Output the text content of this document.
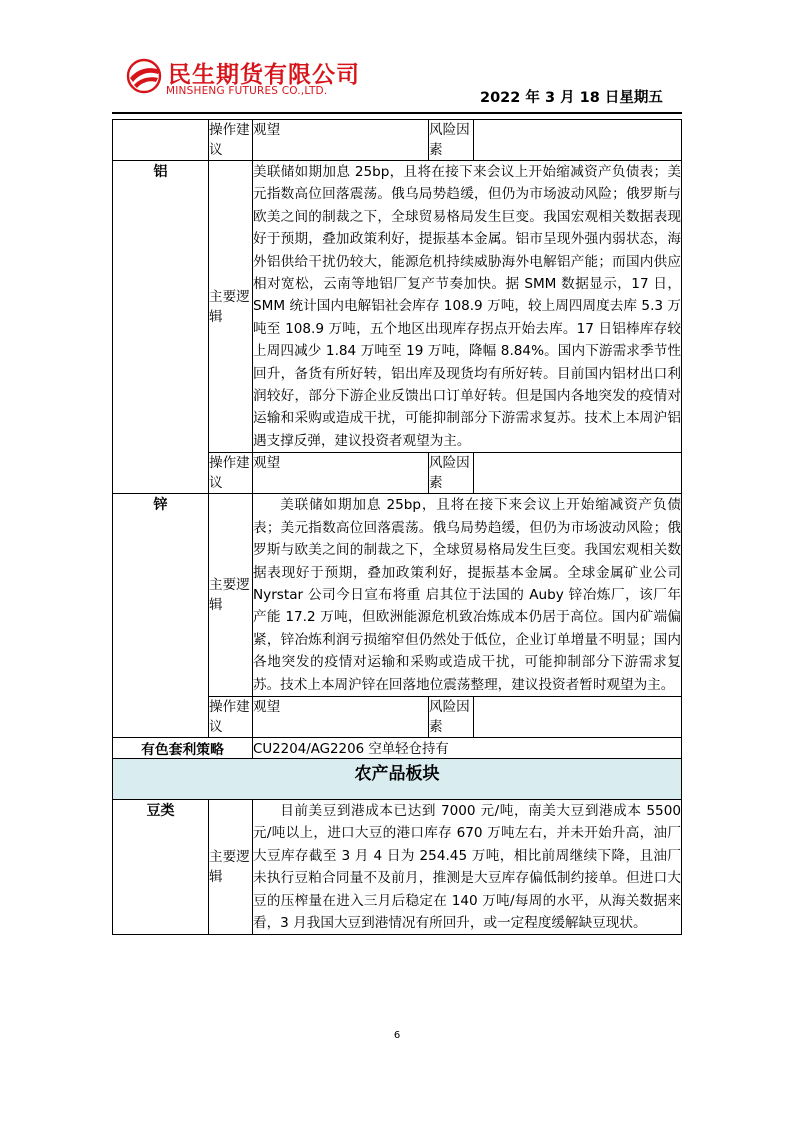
民生期货有限公司
MINSHENG FUTURES CO.,LTD.	2022 年 3 月 18 日星期五
	操作建议	观望	风险因素	
铝	主要逻辑	美联储如期加息 25bp，且将在接下来会议上开始缩减资产负债表；美元指数高位回落震荡。俄乌局势趋缓，但仍为市场波动风险；俄罗斯与欧美之间的制裁之下，全球贸易格局发生巨变。我国宏观相关数据表现好于预期，叠加政策利好，提振基本金属。铝市呈现外强内弱状态，海外铝供给干扰仍较大，能源危机持续威胁海外电解铝产能；而国内供应相对宽松，云南等地铝厂复产节奏加快。据 SMM 数据显示，17 日，SMM 统计国内电解铝社会库存 108.9 万吨，较上周四周度去库 5.3 万吨至 108.9 万吨，五个地区出现库存拐点开始去库。17 日铝棒库存较上周四减少 1.84 万吨至 19 万吨，降幅 8.84%。国内下游需求季节性回升，备货有所好转，铝出库及现货均有所好转。目前国内铝材出口利润较好，部分下游企业反馈出口订单好转。但是国内各地突发的疫情对运输和采购或造成干扰，可能抑制部分下游需求复苏。技术上本周沪铝遇支撑反弹，建议投资者观望为主。		
	操作建议	观望	风险因素	
锌	主要逻辑	美联储如期加息 25bp，且将在接下来会议上开始缩减资产负债表；美元指数高位回落震荡。俄乌局势趋缓，但仍为市场波动风险；俄罗斯与欧美之间的制裁之下，全球贸易格局发生巨变。我国宏观相关数据表现好于预期，叠加政策利好，提振基本金属。全球金属矿业公司 Nyrstar 公司今日宣布将重 启其位于法国的 Auby 锌冶炼厂，该厂年产能 17.2 万吨，但欧洲能源危机致冶炼成本仍居于高位。国内矿端偏紧，锌冶炼利润亏损缩窄但仍然处于低位，企业订单增量不明显；国内各地突发的疫情对运输和采购或造成干扰，可能抑制部分下游需求复苏。技术上本周沪锌在回落地位震荡整理，建议投资者暂时观望为主。		
	操作建议	观望	风险因素	
有色套利策略		CU2204/AG2206 空单轻仓持有		
农产品板块				
豆类	主要逻辑	目前美豆到港成本已达到 7000 元/吨，南美大豆到港成本 5500 元/吨以上，进口大豆的港口库存 670 万吨左右，并未开始升高，油厂大豆库存截至 3 月 4 日为 254.45 万吨，相比前周继续下降，且油厂未执行豆粕合同量不及前月，推测是大豆库存偏低制约接单。但进口大豆的压榨量在进入三月后稳定在 140 万吨/每周的水平，从海关数据来看，3 月我国大豆到港情况有所回升，或一定程度缓解缺豆现状。		
6
